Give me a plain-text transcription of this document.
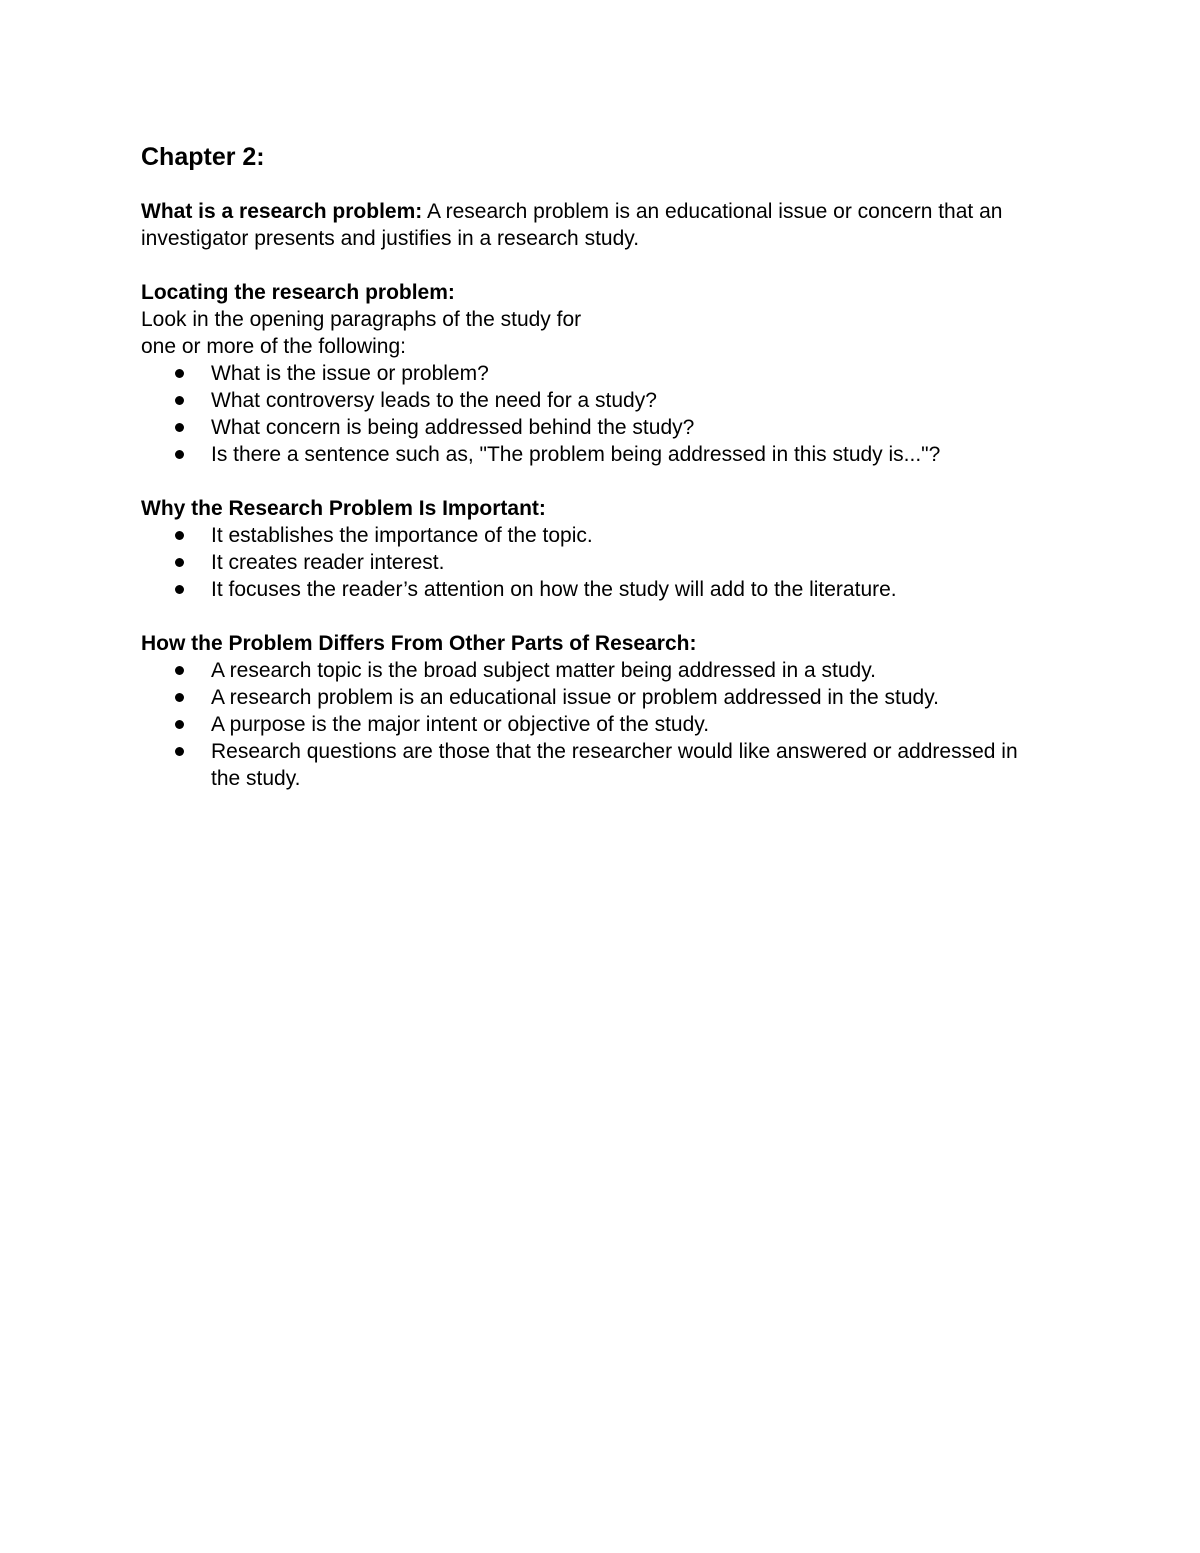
Chapter 2:

What is a research problem: A research problem is an educational issue or concern that an investigator presents and justifies in a research study.

Locating the research problem:

Look in the opening paragraphs of the study for

one or more of the following:

What is the issue or problem?
What controversy leads to the need for a study?
What concern is being addressed behind the study?
Is there a sentence such as, "The problem being addressed in this study is..."?

Why the Research Problem Is Important:

It establishes the importance of the topic.
It creates reader interest.
It focuses the reader’s attention on how the study will add to the literature.

How the Problem Differs From Other Parts of Research:

A research topic is the broad subject matter being addressed in a study.
A research problem is an educational issue or problem addressed in the study.
A purpose is the major intent or objective of the study.
Research questions are those that the researcher would like answered or addressed in the study.
